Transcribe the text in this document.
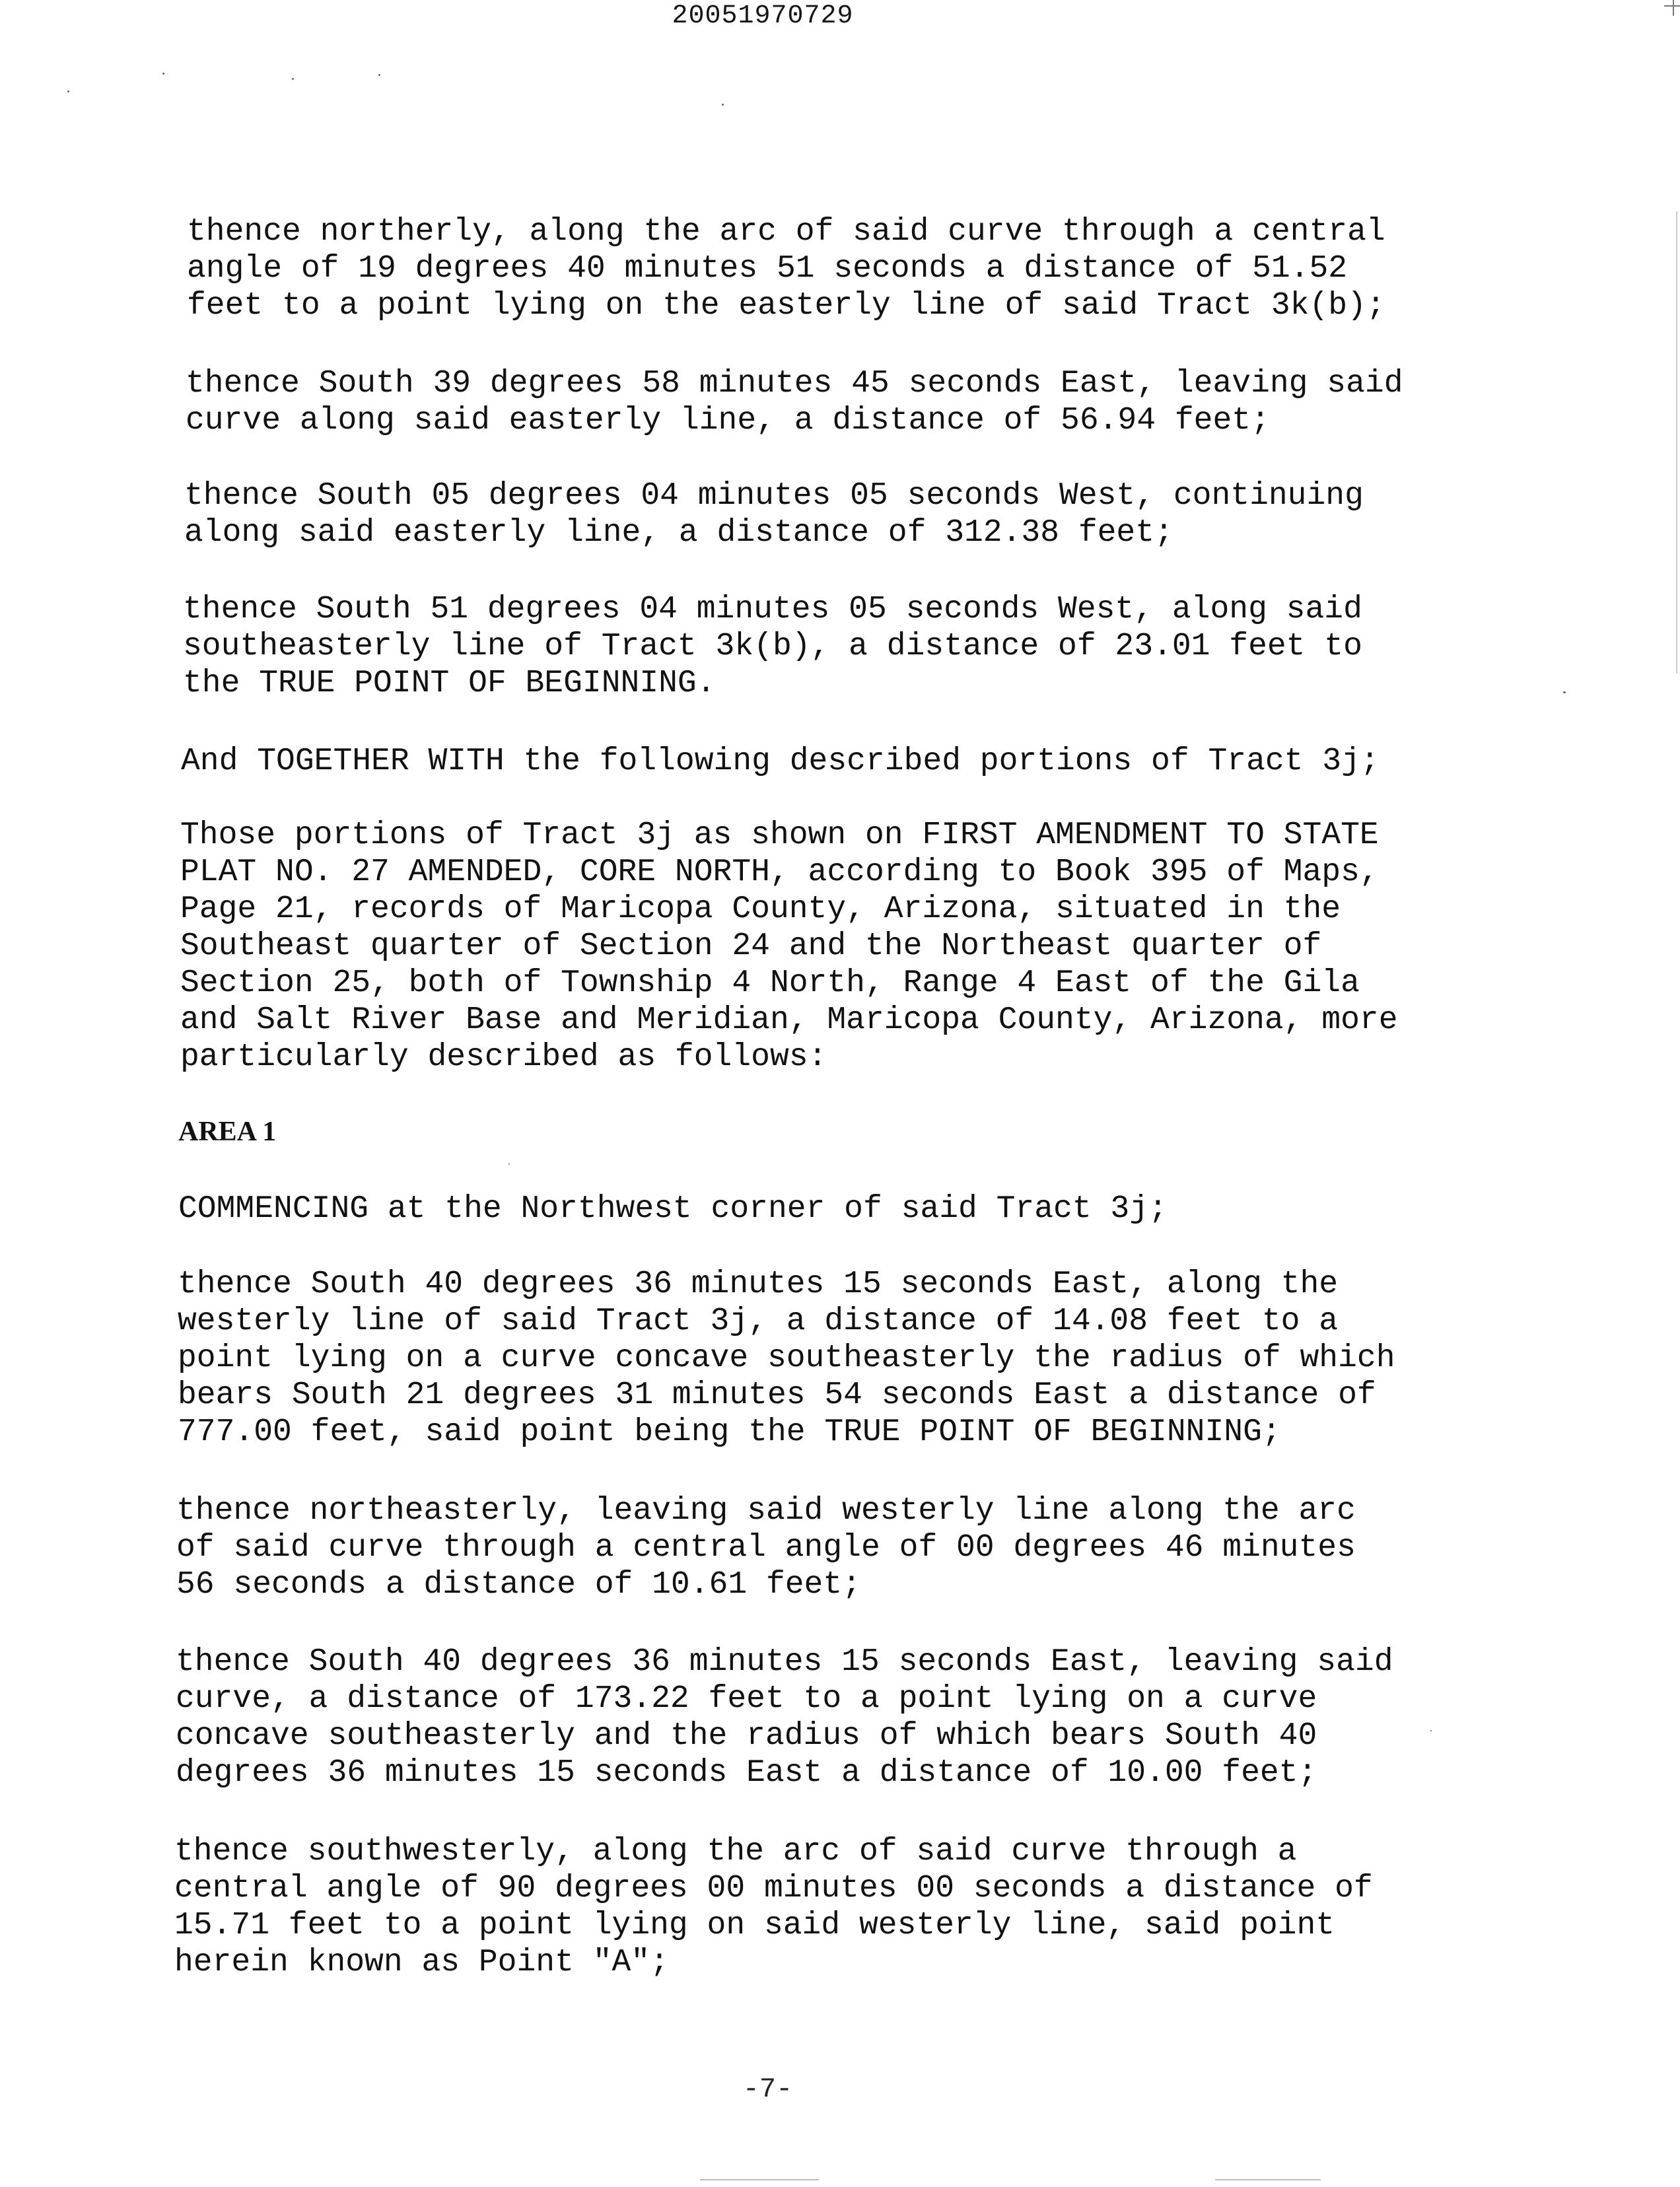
20051970729

thence northerly, along the arc of said curve through a central
angle of 19 degrees 40 minutes 51 seconds a distance of 51.52
feet to a point lying on the easterly line of said Tract 3k(b);

thence South 39 degrees 58 minutes 45 seconds East, leaving said
curve along said easterly line, a distance of 56.94 feet;

thence South 05 degrees 04 minutes 05 seconds West, continuing
along said easterly line, a distance of 312.38 feet;

thence South 51 degrees 04 minutes 05 seconds West, along said
southeasterly line of Tract 3k(b), a distance of 23.01 feet to
the TRUE POINT OF BEGINNING.

And TOGETHER WITH the following described portions of Tract 3j;

Those portions of Tract 3j as shown on FIRST AMENDMENT TO STATE
PLAT NO. 27 AMENDED, CORE NORTH, according to Book 395 of Maps,
Page 21, records of Maricopa County, Arizona, situated in the
Southeast quarter of Section 24 and the Northeast quarter of
Section 25, both of Township 4 North, Range 4 East of the Gila
and Salt River Base and Meridian, Maricopa County, Arizona, more
particularly described as follows:

AREA 1

COMMENCING at the Northwest corner of said Tract 3j;

thence South 40 degrees 36 minutes 15 seconds East, along the
westerly line of said Tract 3j, a distance of 14.08 feet to a
point lying on a curve concave southeasterly the radius of which
bears South 21 degrees 31 minutes 54 seconds East a distance of
777.00 feet, said point being the TRUE POINT OF BEGINNING;

thence northeasterly, leaving said westerly line along the arc
of said curve through a central angle of 00 degrees 46 minutes
56 seconds a distance of 10.61 feet;

thence South 40 degrees 36 minutes 15 seconds East, leaving said
curve, a distance of 173.22 feet to a point lying on a curve
concave southeasterly and the radius of which bears South 40
degrees 36 minutes 15 seconds East a distance of 10.00 feet;

thence southwesterly, along the arc of said curve through a
central angle of 90 degrees 00 minutes 00 seconds a distance of
15.71 feet to a point lying on said westerly line, said point
herein known as Point "A";

-7-
